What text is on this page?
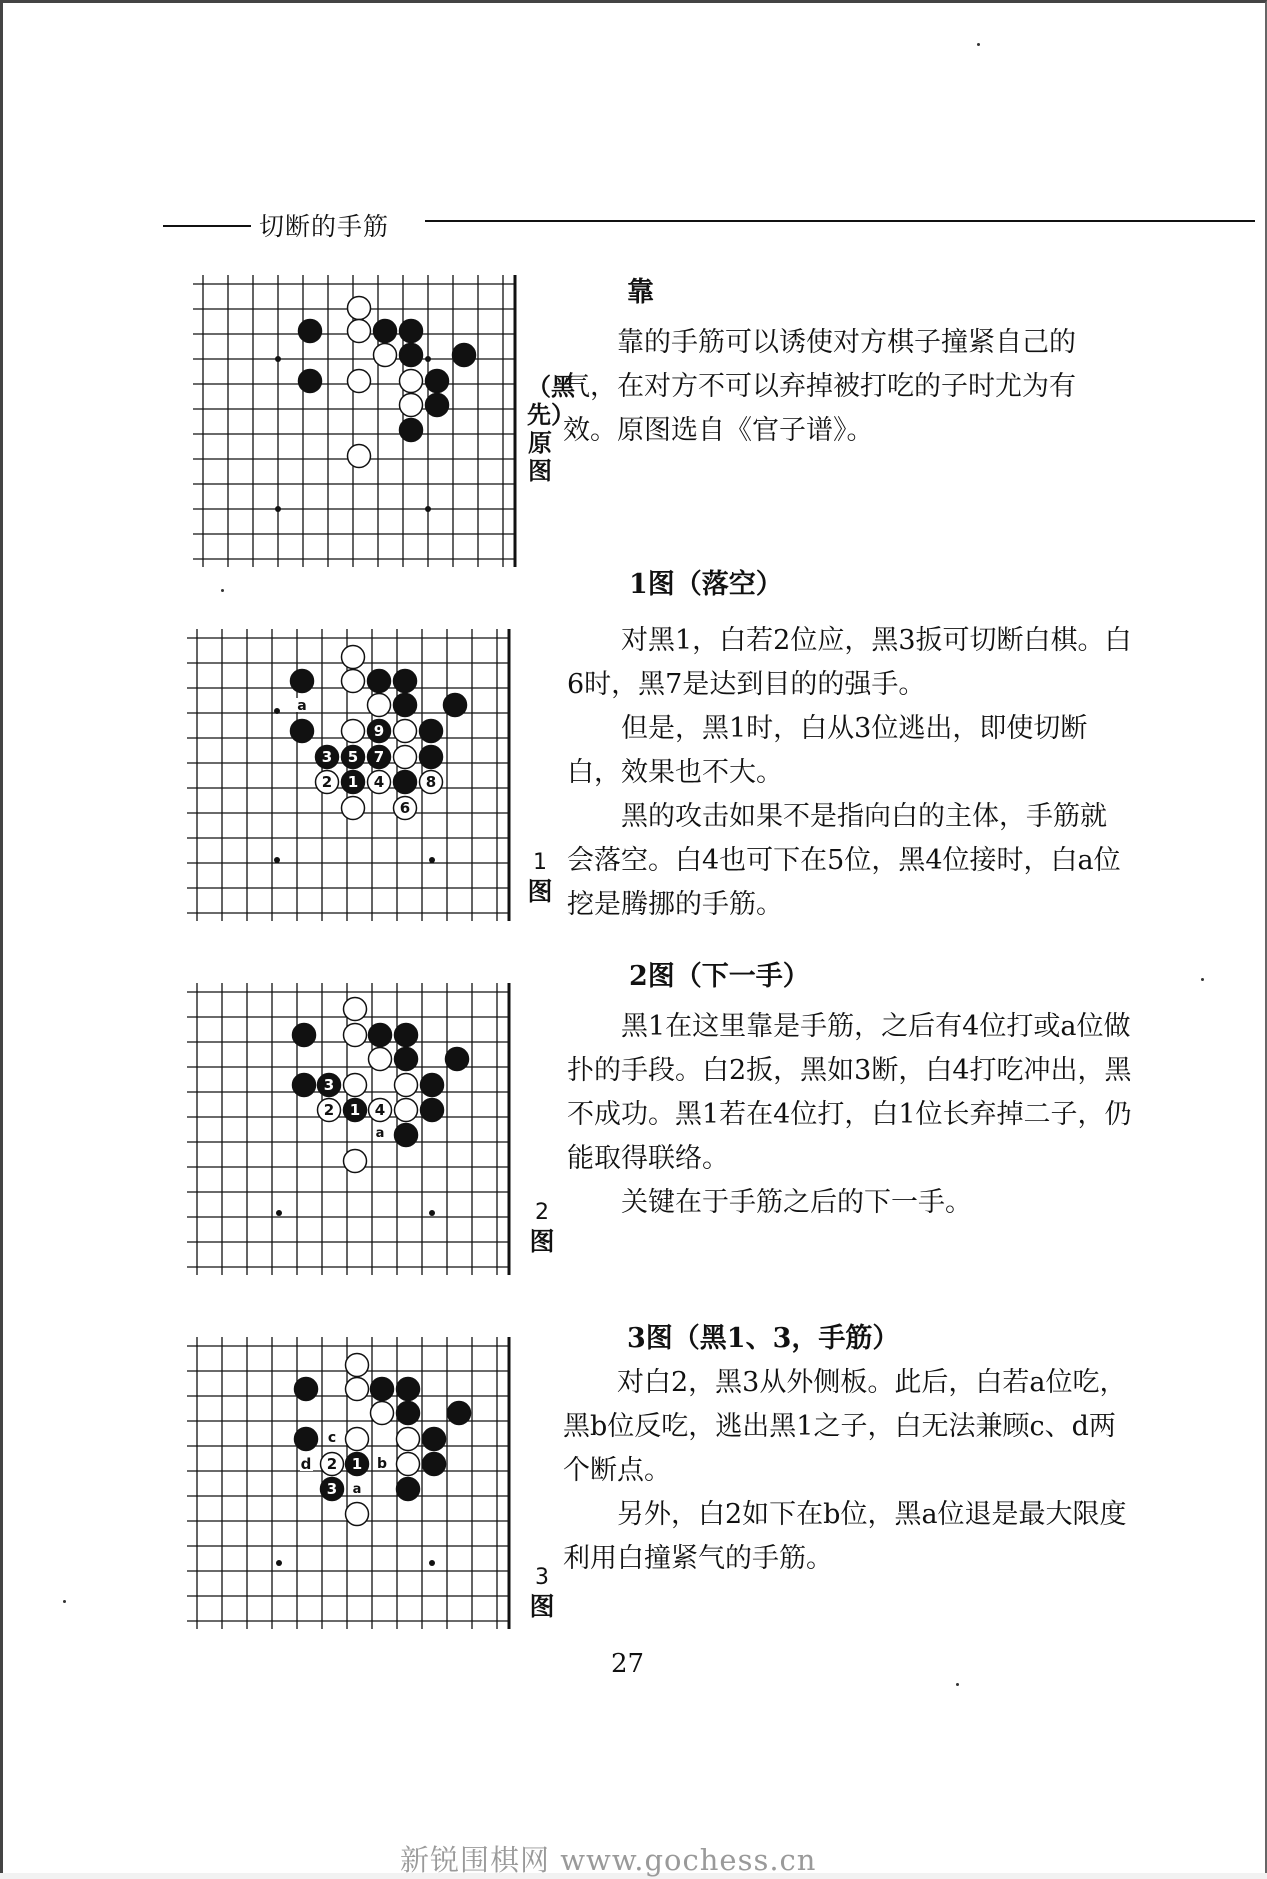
切断的手筋
（黑先）原图
靠

靠的手筋可以诱使对方棋子撞紧自己的气，在对方不可以弃掉被打吃的子时尤为有效。原图选自《官子谱》。

a
9
3 5 7
2 1 4	8
6
1
图
1图（落空）

对黑1，白若2位应，黑3扳可切断白棋。白6时，黑7是达到目的的强手。

但是，黑1时，白从3位逃出，即使切断白，效果也不大。

黑的攻击如果不是指向白的主体，手筋就会落空。白4也可下在5位，黑4位接时，白a位挖是腾挪的手筋。

3
2 1 4
a
2
图
2图（下一手）

黑1在这里靠是手筋，之后有4位打或a位做扑的手段。白2扳，黑如3断，白4打吃冲出，黑不成功。黑1若在4位打，白1位长弃掉二子，仍能取得联络。

关键在于手筋之后的下一手。

c
d 2 1 b
3 a
3
图
3图（黑1、3，手筋）

对白2，黑3从外侧板。此后，白若a位吃，黑b位反吃，逃出黑1之子，白无法兼顾c、d两个断点。

另外，白2如下在b位，黑a位退是最大限度利用白撞紧气的手筋。

27
新锐围棋网 www.gochess.cn
